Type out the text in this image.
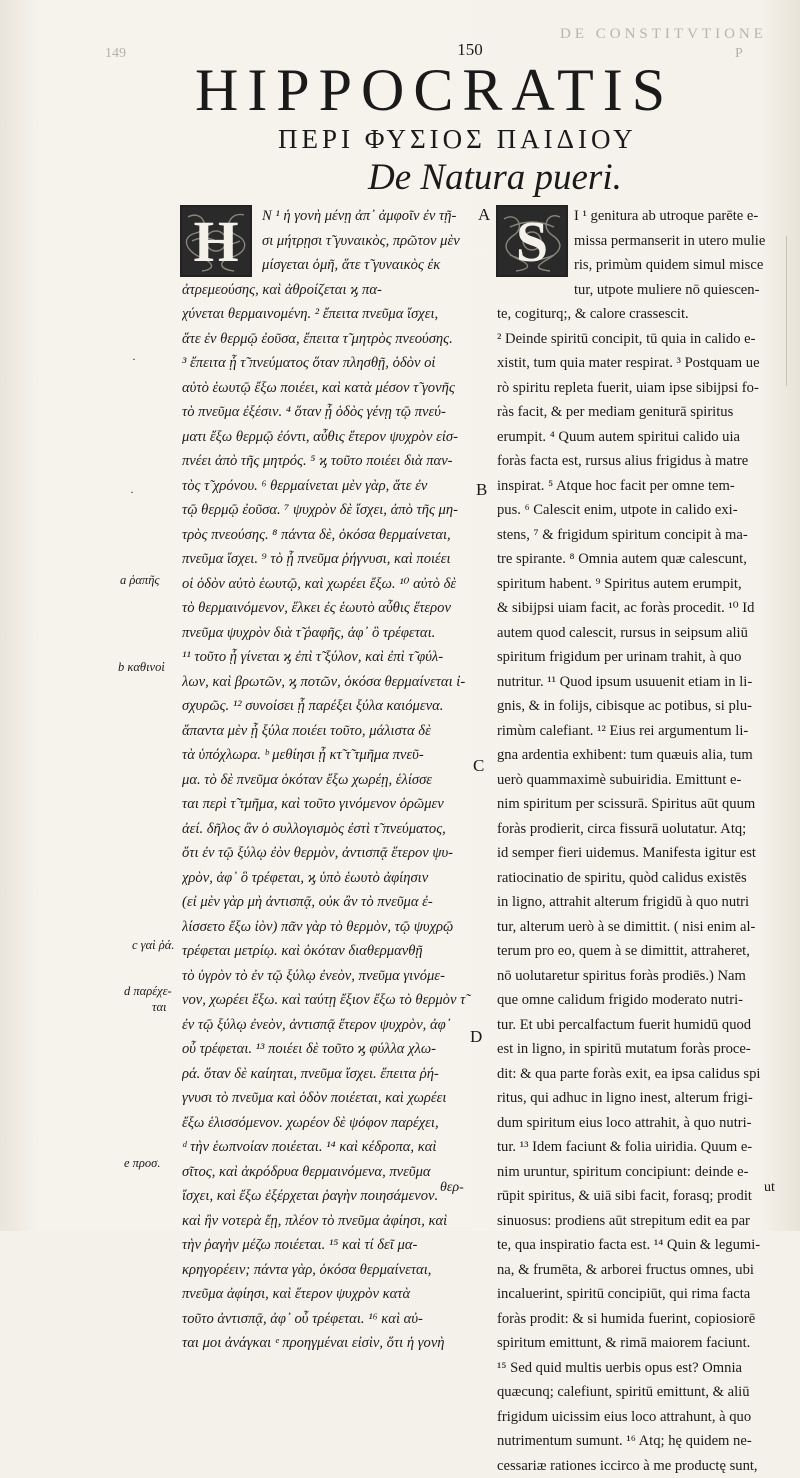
DE CONSTITVTIONE
149	P
150
HIPPOCRATIS
ΠΕΡΙ ΦΥΣΙΟΣ ΠΑΙΔΙΟΥ
De Natura pueri.
Ν ¹ ἡ γονὴ μένῃ ἀπ᾽ ἀμφοῖν ἐν τῇ-
σι μήτρῃσι τ̃ γυναικὸς, πρῶτον μὲν
μίσγεται ὁμῆ, ἅτε τ̃ γυναικὸς ἐκ
ἀτρεμεούσης, καὶ ἀθροίζεται ϗ πα-
χύνεται θερμαινομένη. ² ἔπειτα πνεῦμα ἴσχει,
ἅτε ἐν θερμῷ ἐοῦσα, ἔπειτα τ̃ μητρὸς πνεούσης.
³ ἔπειτα ᾗ τ̃ πνεύματος ὅταν πλησθῇ, ὁδὸν οἱ
αὐτὸ ἑωυτῷ ἔξω ποιέει, καὶ κατὰ μέσον τ̃ γονῆς
τὸ πνεῦμα ἐξέσιν. ⁴ ὅταν ᾗ ὁδὸς γένῃ τῷ πνεύ-
ματι ἔξω θερμῷ ἐόντι, αὖθις ἕτερον ψυχρὸν εἰσ-
πνέει ἀπὸ τῆς μητρός. ⁵ ϗ τοῦτο ποιέει διὰ παν-
τὸς τ̃ χρόνου. ⁶ θερμαίνεται μὲν γὰρ, ἅτε ἐν
τῷ θερμῷ ἐοῦσα. ⁷ ψυχρὸν δὲ ἴσχει, ἀπὸ τῆς μη-
τρὸς πνεούσης. ⁸ πάντα δὲ, ὁκόσα θερμαίνεται,
πνεῦμα ἴσχει. ⁹ τὸ ᾗ πνεῦμα ῥήγνυσι, καὶ ποιέει
οἱ ὁδὸν αὐτὸ ἑωυτῷ, καὶ χωρέει ἔξω. ¹⁰ αὐτὸ δὲ
τὸ θερμαινόμενον, ἕλκει ἐς ἑωυτὸ αὖθις ἕτερον
πνεῦμα ψυχρὸν διὰ τ̃ ῥαφῆς, ἀφ᾽ ὃ τρέφεται.
¹¹ τοῦτο ᾗ γίνεται ϗ ἐπὶ τ̃ ξύλον, καὶ ἐπὶ τ̃ φύλ-
λων, καὶ βρωτῶν, ϗ ποτῶν, ὁκόσα θερμαίνεται ἰ-
σχυρῶς. ¹² συνοίσει ᾗ παρέξει ξύλα καιόμενα.
ἅπαντα μὲν ᾗ ξύλα ποιέει τοῦτο, μάλιστα δὲ
τὰ ὑπόχλωρα. ᵇ μεθίησι ᾗ κτ̃ τ̃ τμῆμα πνεῦ-
μα. τὸ δὲ πνεῦμα ὁκόταν ἔξω χωρέῃ, ἑλίσσε
ται περὶ τ̃ τμῆμα, καὶ τοῦτο γινόμενον ὁρῶμεν
ἀεί. δῆλος ἂν ὁ συλλογισμὸς ἐστὶ τ̃ πνεύματος,
ὅτι ἐν τῷ ξύλῳ ἐὸν θερμὸν, ἀντισπᾷ ἕτερον ψυ-
χρὸν, ἀφ᾽ ὃ τρέφεται, ϗ ὑπὸ ἑωυτὸ ἀφίησιν
(εἰ μὲν γὰρ μὴ ἀντισπᾷ, οὐκ ἂν τὸ πνεῦμα ἐ-
λίσσετο ἔξω ἰὸν) πᾶν γὰρ τὸ θερμὸν, τῷ ψυχρῷ
τρέφεται μετρίῳ. καὶ ὁκόταν διαθερμανθῇ
τὸ ὑγρὸν τὸ ἐν τῷ ξύλῳ ἐνεὸν, πνεῦμα γινόμε-
νον, χωρέει ἔξω. καὶ ταύτῃ ἔξιον ἔξω τὸ θερμὸν τ̃
ἐν τῷ ξύλῳ ἐνεὸν, ἀντισπᾷ ἕτερον ψυχρὸν, ἀφ᾽
οὗ τρέφεται. ¹³ ποιέει δὲ τοῦτο ϗ φύλλα χλω-
ρά. ὅταν δὲ καίηται, πνεῦμα ἴσχει. ἔπειτα ῥή-
γνυσι τὸ πνεῦμα καὶ ὁδὸν ποιέεται, καὶ χωρέει
ἔξω ἑλισσόμενον. χωρέον δὲ ψόφον παρέχει,
ᵈ τὴν ἑωπνοίαν ποιέεται. ¹⁴ καὶ κέδροπα, καὶ
σῖτος, καὶ ἀκρόδρυα θερμαινόμενα, πνεῦμα
ἴσχει, καὶ ἔξω ἐξέρχεται ῥαγὴν ποιησάμενον.
καὶ ἢν νοτερὰ ἔῃ, πλέον τὸ πνεῦμα ἀφίησι, καὶ
τὴν ῥαγὴν μέζω ποιέεται. ¹⁵ καὶ τί δεῖ μα-
κρηγορέειν; πάντα γὰρ, ὁκόσα θερμαίνεται,
πνεῦμα ἀφίησι, καὶ ἕτερον ψυχρὸν κατὰ
τοῦτο ἀντισπᾷ, ἀφ᾽ οὗ τρέφεται. ¹⁶ καὶ αὐ-
ται μοι ἀνάγκαι ᵉ προηγμέναι εἰσὶν, ὅτι ἡ γονὴ
I ¹ genitura ab utroque parēte e-
missa permanserit in utero mulie
ris, primùm quidem simul misce
tur, utpote muliere nō quiescen-
te, cogiturq;, & calore crassescit.
² Deinde spiritū concipit, tū quia in calido e-
xistit, tum quia mater respirat. ³ Postquam ue
rò spiritu repleta fuerit, uiam ipse sibijpsi fo-
ràs facit, & per mediam geniturā spiritus
erumpit. ⁴ Quum autem spiritui calido uia
foràs facta est, rursus alius frigidus à matre
inspirat. ⁵ Atque hoc facit per omne tem-
pus. ⁶ Calescit enim, utpote in calido exi-
stens, ⁷ & frigidum spiritum concipit à ma-
tre spirante. ⁸ Omnia autem quæ calescunt,
spiritum habent. ⁹ Spiritus autem erumpit,
& sibijpsi uiam facit, ac foràs procedit. ¹⁰ Id
autem quod calescit, rursus in seipsum aliū
spiritum frigidum per urinam trahit, à quo
nutritur. ¹¹ Quod ipsum usuuenit etiam in li-
gnis, & in folijs, cibisque ac potibus, si plu-
rimùm calefiant. ¹² Eius rei argumentum li-
gna ardentia exhibent: tum quæuis alia, tum
uerò quammaximè subuiridia. Emittunt e-
nim spiritum per scissurā. Spiritus aūt quum
foràs prodierit, circa fissurā uolutatur. Atq;
id semper fieri uidemus. Manifesta igitur est
ratiocinatio de spiritu, quòd calidus existēs
in ligno, attrahit alterum frigidū à quo nutri
tur, alterum uerò à se dimittit. ( nisi enim al-
terum pro eo, quem à se dimittit, attraheret,
nō uolutaretur spiritus foràs prodiēs.) Nam
que omne calidum frigido moderato nutri-
tur. Et ubi percalfactum fuerit humidū quod
est in ligno, in spiritū mutatum foràs proce-
dit: & qua parte foràs exit, ea ipsa calidus spi
ritus, qui adhuc in ligno inest, alterum frigi-
dum spiritum eius loco attrahit, à quo nutri-
tur. ¹³ Idem faciunt & folia uiridia. Quum e-
nim uruntur, spiritum concipiunt: deinde e-
rūpit spiritus, & uiā sibi facit, forasq; prodit
sinuosus: prodiens aūt strepitum edit ea par
te, qua inspiratio facta est. ¹⁴ Quin & legumi-
na, & frumēta, & arborei fructus omnes, ubi
incaluerint, spiritū concipiūt, qui rima facta
foràs prodit: & si humida fuerint, copiosiorē
spiritum emittunt, & rimā maiorem faciunt.
¹⁵ Sed quid multis uerbis opus est? Omnia
quæcunq; calefiunt, spiritū emittunt, & aliū
frigidum uicissim eius loco attrahunt, à quo
nutrimentum sumunt. ¹⁶ Atq; hę quidem ne-
cessariæ rationes iccirco à me productę sunt,
H	S
A
B
C
D
a ῥαπῆς
b καθινοὶ
c γαὶ ῥά.
d παρέχε-
ται
e προσ.
·
·
θερ-	ut
